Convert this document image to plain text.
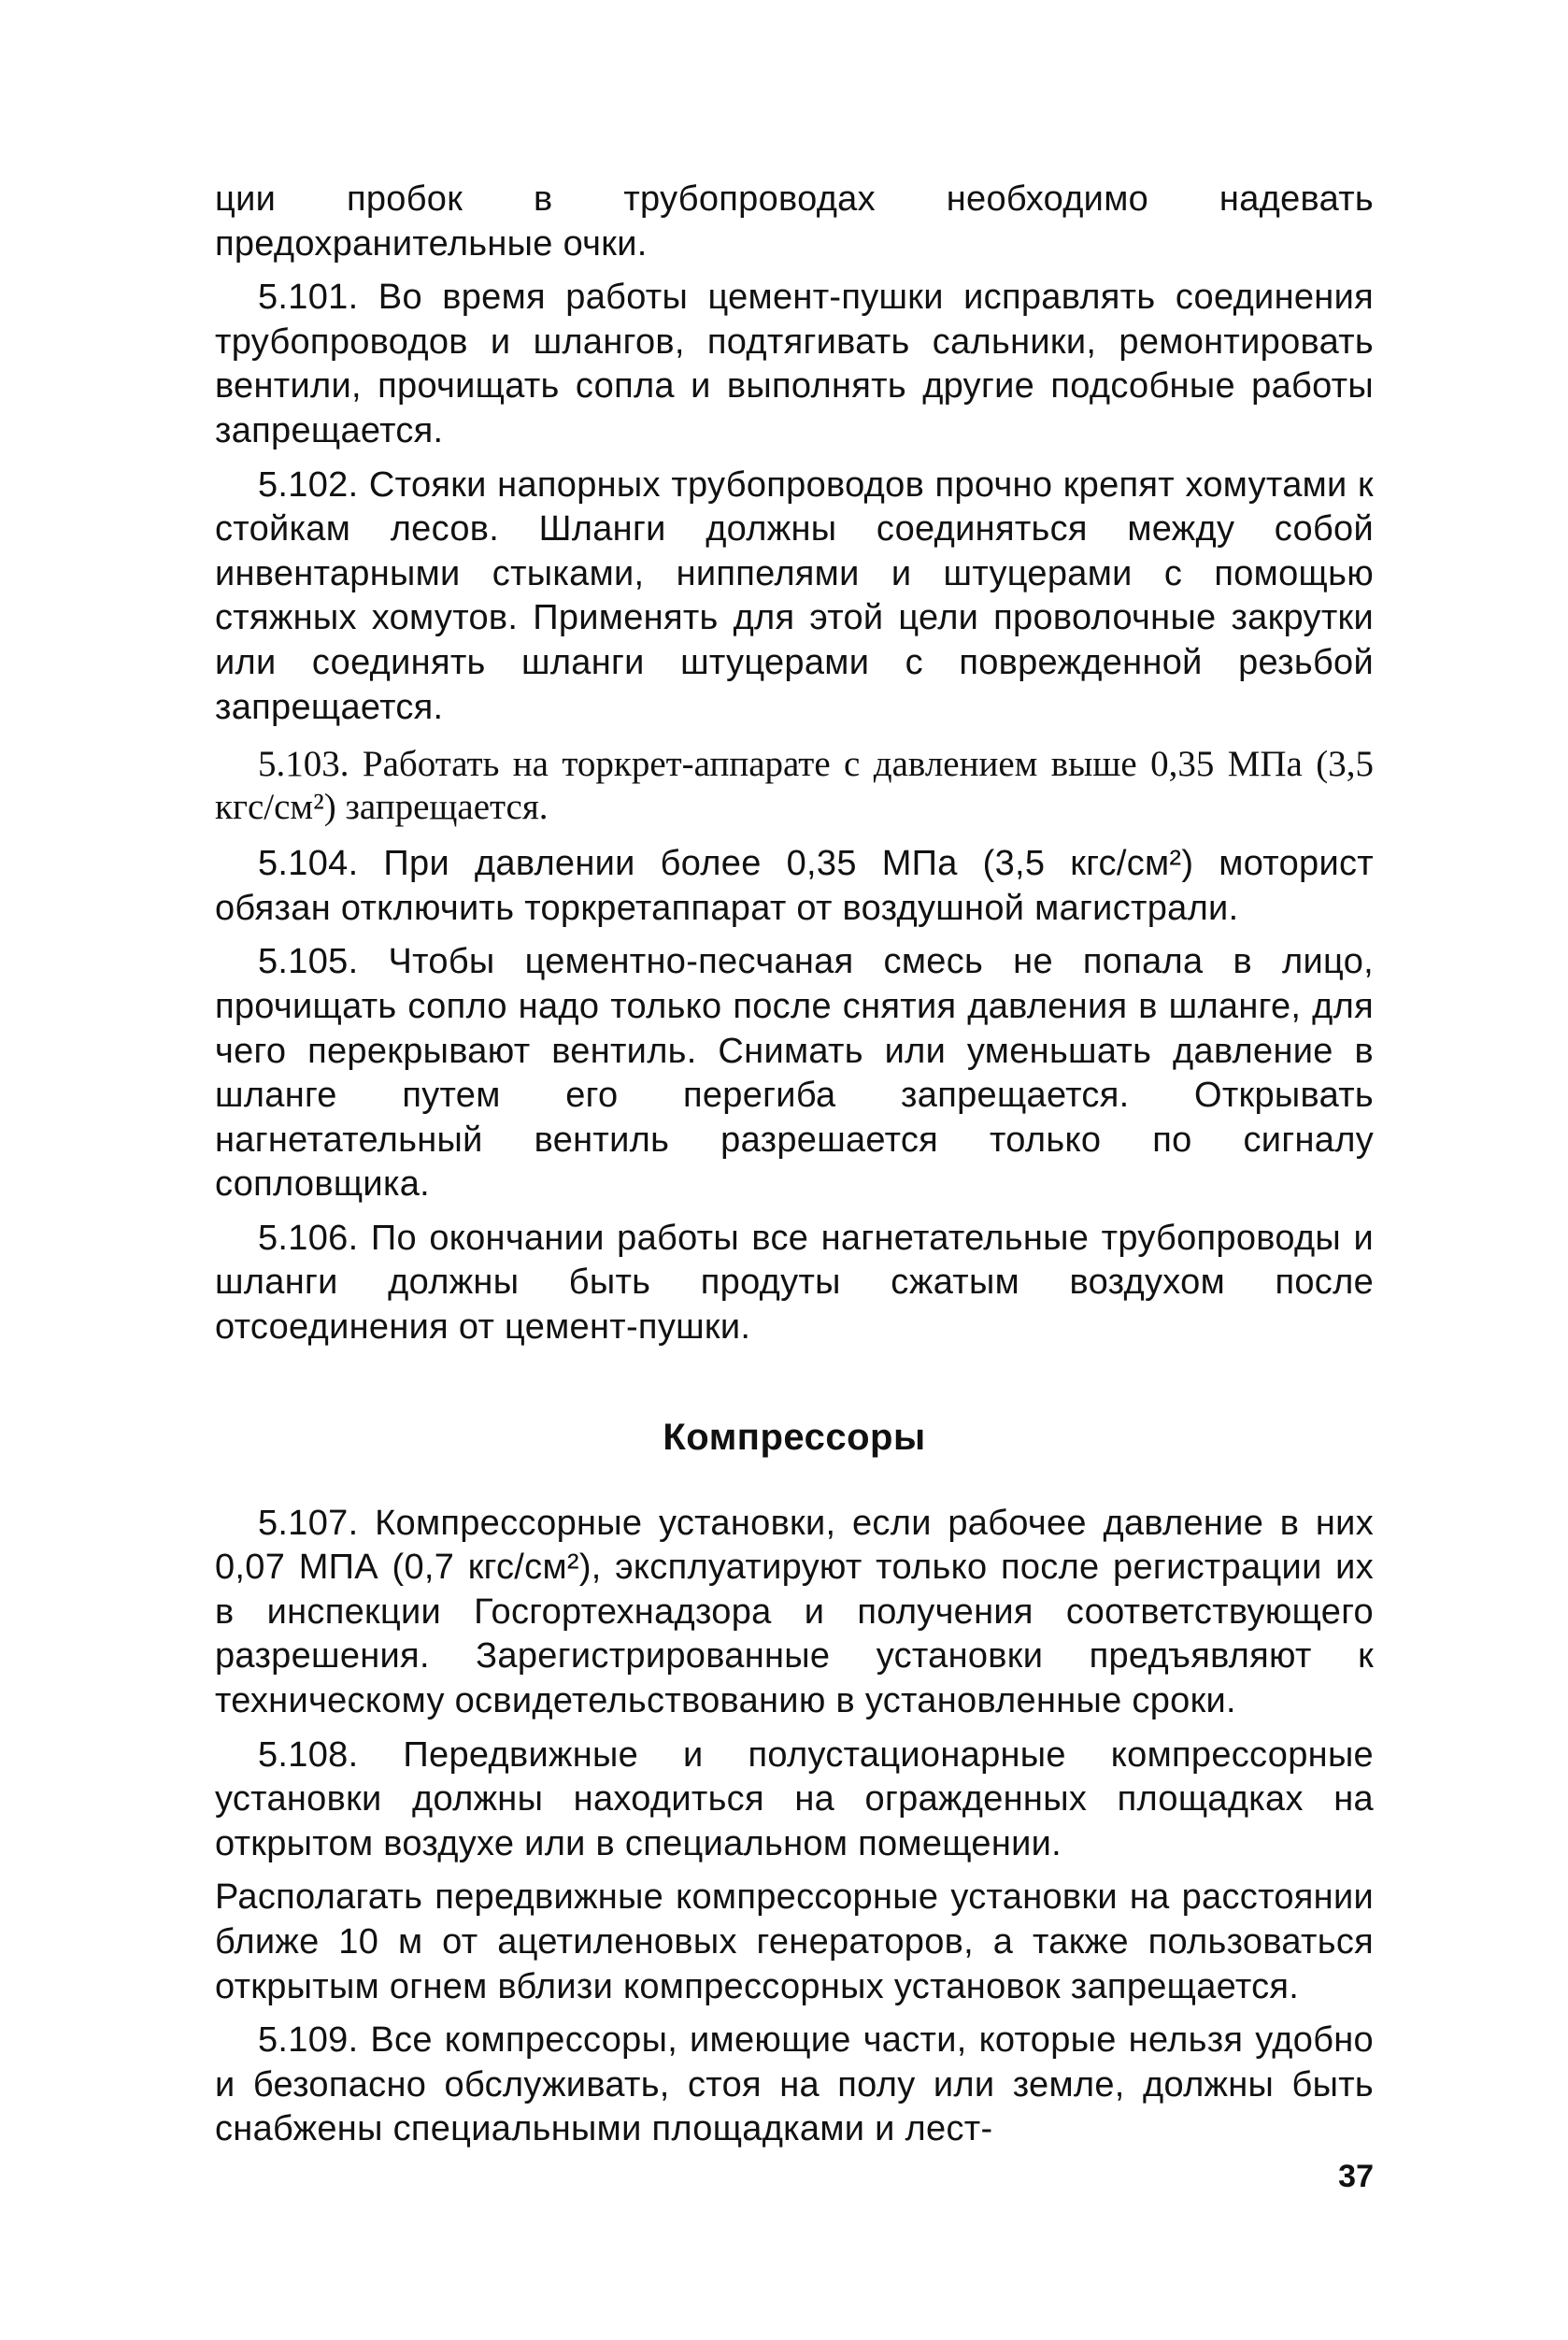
ции пробок в трубопроводах необходимо надевать предохранительные очки.

5.101. Во время работы цемент-пушки исправлять соединения трубопроводов и шлангов, подтягивать сальники, ремонтировать вентили, прочищать сопла и выполнять другие подсобные работы запрещается.

5.102. Стояки напорных трубопроводов прочно крепят хомутами к стойкам лесов. Шланги должны соединяться между собой инвентарными стыками, ниппелями и штуцерами с помощью стяжных хомутов. Применять для этой цели проволочные закрутки или соединять шланги штуцерами с поврежденной резьбой запрещается.

5.103. Работать на торкрет-аппарате с давлением выше 0,35 МПа (3,5 кгс/см²) запрещается.

5.104. При давлении более 0,35 МПа (3,5 кгс/см²) моторист обязан отключить торкретаппарат от воздушной магистрали.

5.105. Чтобы цементно-песчаная смесь не попала в лицо, прочищать сопло надо только после снятия давления в шланге, для чего перекрывают вентиль. Снимать или уменьшать давление в шланге путем его перегиба запрещается. Открывать нагнетательный вентиль разрешается только по сигналу сопловщика.

5.106. По окончании работы все нагнетательные трубопроводы и шланги должны быть продуты сжатым воздухом после отсоединения от цемент-пушки.

Компрессоры

5.107. Компрессорные установки, если рабочее давление в них 0,07 МПА (0,7 кгс/см²), эксплуатируют только после регистрации их в инспекции Госгортехнадзора и получения соответствующего разрешения. Зарегистрированные установки предъявляют к техническому освидетельствованию в установленные сроки.

5.108. Передвижные и полустационарные компрессорные установки должны находиться на огражденных площадках на открытом воздухе или в специальном помещении.

Располагать передвижные компрессорные установки на расстоянии ближе 10 м от ацетиленовых генераторов, а также пользоваться открытым огнем вблизи компрессорных установок запрещается.

5.109. Все компрессоры, имеющие части, которые нельзя удобно и безопасно обслуживать, стоя на полу или земле, должны быть снабжены специальными площадками и лест-

37
